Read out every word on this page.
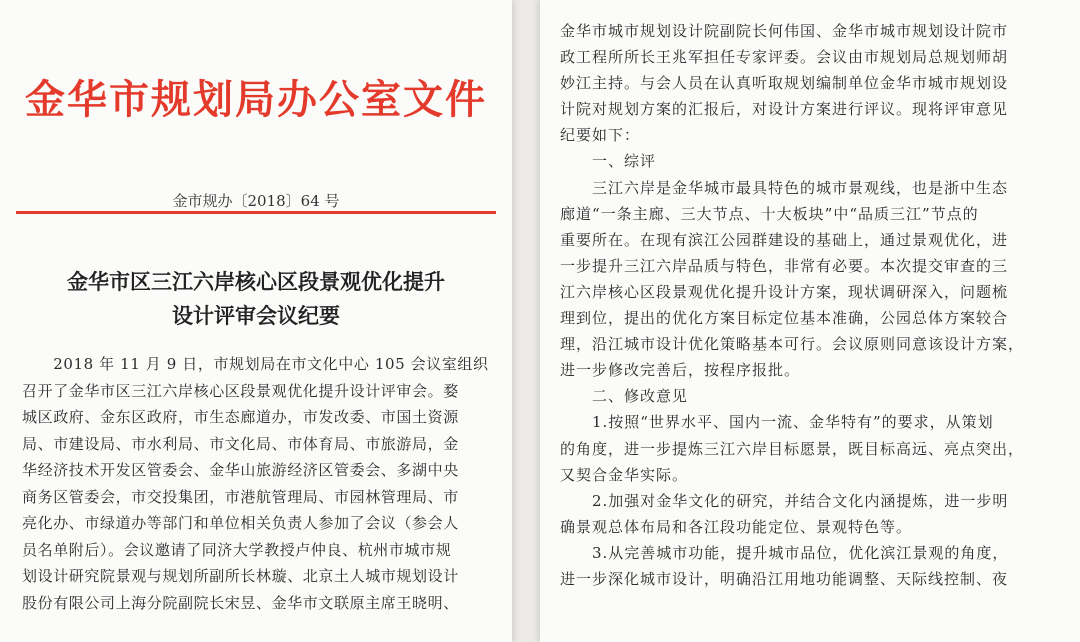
金华市规划局办公室文件
金市规办〔2018〕64 号
金华市区三江六岸核心区段景观优化提升
设计评审会议纪要
　　2018 年 11 月 9 日，市规划局在市文化中心 105 会议室组织
召开了金华市区三江六岸核心区段景观优化提升设计评审会。婺
城区政府、金东区政府，市生态廊道办，市发改委、市国土资源
局、市建设局、市水利局、市文化局、市体育局、市旅游局，金
华经济技术开发区管委会、金华山旅游经济区管委会、多湖中央
商务区管委会，市交投集团，市港航管理局、市园林管理局、市
亮化办、市绿道办等部门和单位相关负责人参加了会议（参会人
员名单附后）。会议邀请了同济大学教授卢仲良、杭州市城市规
划设计研究院景观与规划所副所长林璇、北京土人城市规划设计
股份有限公司上海分院副院长宋昱、金华市文联原主席王晓明、
金华市城市规划设计院副院长何伟国、金华市城市规划设计院市
政工程所所长王兆军担任专家评委。会议由市规划局总规划师胡
妙江主持。与会人员在认真听取规划编制单位金华市城市规划设
计院对规划方案的汇报后，对设计方案进行评议。现将评审意见
纪要如下：
　　一、综评
　　三江六岸是金华城市最具特色的城市景观线，也是浙中生态
廊道“一条主廊、三大节点、十大板块”中“品质三江”节点的
重要所在。在现有滨江公园群建设的基础上，通过景观优化，进
一步提升三江六岸品质与特色，非常有必要。本次提交审查的三
江六岸核心区段景观优化提升设计方案，现状调研深入，问题梳
理到位，提出的优化方案目标定位基本准确，公园总体方案较合
理，沿江城市设计优化策略基本可行。会议原则同意该设计方案，
进一步修改完善后，按程序报批。
　　二、修改意见
　　1.按照“世界水平、国内一流、金华特有”的要求，从策划
的角度，进一步提炼三江六岸目标愿景，既目标高远、亮点突出，
又契合金华实际。
　　2.加强对金华文化的研究，并结合文化内涵提炼，进一步明
确景观总体布局和各江段功能定位、景观特色等。
　　3.从完善城市功能，提升城市品位，优化滨江景观的角度，
进一步深化城市设计，明确沿江用地功能调整、天际线控制、夜
